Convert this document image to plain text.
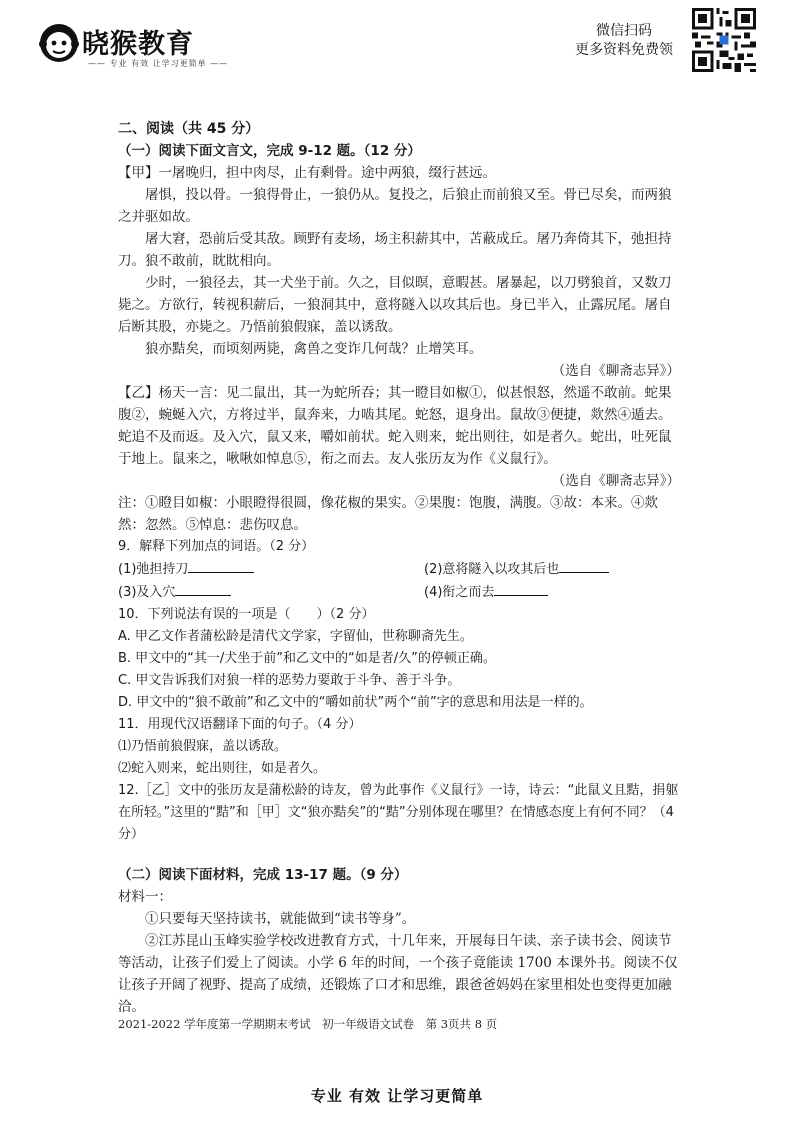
晓猴教育
—— 专业 有效 让学习更简单 ——
微信扫码
更多资料免费领

二、阅读（共 45 分）

（一）阅读下面文言文，完成 9-12 题。（12 分）

【甲】一屠晚归，担中肉尽，止有剩骨。途中两狼，缀行甚远。

屠惧，投以骨。一狼得骨止，一狼仍从。复投之，后狼止而前狼又至。骨已尽矣，而两狼之并驱如故。

屠大窘，恐前后受其敌。顾野有麦场，场主积薪其中，苫蔽成丘。屠乃奔倚其下，弛担持刀。狼不敢前，眈眈相向。

少时，一狼径去，其一犬坐于前。久之，目似暝，意暇甚。屠暴起，以刀劈狼首，又数刀毙之。方欲行，转视积薪后，一狼洞其中，意将隧入以攻其后也。身已半入，止露尻尾。屠自后断其股，亦毙之。乃悟前狼假寐，盖以诱敌。

狼亦黠矣，而顷刻两毙，禽兽之变诈几何哉？止增笑耳。

（选自《聊斋志异》）

【乙】杨天一言：见二鼠出，其一为蛇所吞；其一瞪目如椒①，似甚恨怒，然遥不敢前。蛇果腹②，蜿蜒入穴，方将过半，鼠奔来，力啮其尾。蛇怒，退身出。鼠故③便捷，欻然④遁去。蛇追不及而返。及入穴，鼠又来，嚼如前状。蛇入则来，蛇出则往，如是者久。蛇出，吐死鼠于地上。鼠来之，啾啾如悼息⑤，衔之而去。友人张历友为作《义鼠行》。

（选自《聊斋志异》）

注：①瞪目如椒：小眼瞪得很圆，像花椒的果实。②果腹：饱腹，满腹。③故：本来。④欻然：忽然。⑤悼息：悲伤叹息。

9．解释下列加点的词语。（2 分）

(1)弛担持刀	(2)意将隧入以攻其后也
(3)及入穴	(4)衔之而去

10．下列说法有误的一项是（　　）（2 分）

A. 甲乙文作者蒲松龄是清代文学家，字留仙，世称聊斋先生。

B. 甲文中的“其一/犬坐于前”和乙文中的“如是者/久”的停顿正确。

C. 甲文告诉我们对狼一样的恶势力要敢于斗争、善于斗争。

D. 甲文中的“狼不敢前”和乙文中的“嚼如前状”两个“前”字的意思和用法是一样的。

11．用现代汉语翻译下面的句子。（4 分）

⑴乃悟前狼假寐，盖以诱敌。

⑵蛇入则来，蛇出则往，如是者久。

12.［乙］文中的张历友是蒲松龄的诗友，曾为此事作《义鼠行》一诗，诗云：“此鼠义且黠，捐躯在所轻。”这里的“黠”和［甲］文“狼亦黠矣”的“黠”分别体现在哪里？在情感态度上有何不同？（4 分）

（二）阅读下面材料，完成 13-17 题。（9 分）

材料一：

①只要每天坚持读书，就能做到“读书等身”。

②江苏昆山玉峰实验学校改进教育方式，十几年来，开展每日午读、亲子读书会、阅读节等活动，让孩子们爱上了阅读。小学 6 年的时间，一个孩子竟能读 1700 本课外书。阅读不仅让孩子开阔了视野、提高了成绩，还锻炼了口才和思维，跟爸爸妈妈在家里相处也变得更加融洽。

2021-2022 学年度第一学期期末考试　初一年级语文试卷　第 3页共 8 页
专业 有效 让学习更简单
